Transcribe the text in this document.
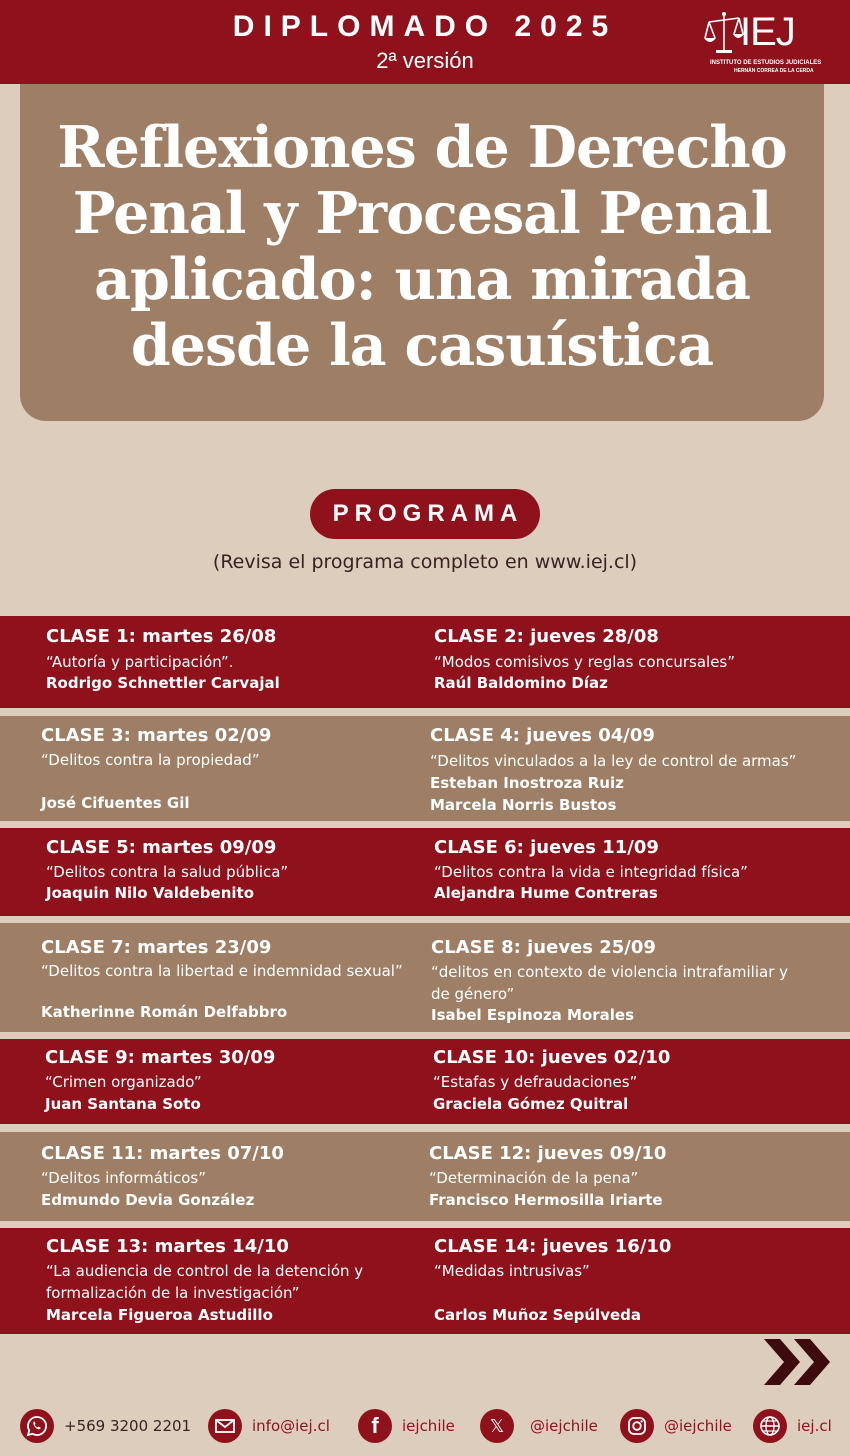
DIPLOMADO 2025
2ª versión
IEJ
INSTITUTO DE ESTUDIOS JUDICIALES
HERNÁN CORREA DE LA CERDA
Reflexiones de Derecho
Penal y Procesal Penal
aplicado: una mirada
desde la casuística
PROGRAMA
(Revisa el programa completo en www.iej.cl)
CLASE 1: martes 26/08
“Autoría y participación”.
Rodrigo Schnettler Carvajal
CLASE 2: jueves 28/08
“Modos comisivos y reglas concursales”
Raúl Baldomino Díaz
CLASE 3: martes 02/09
“Delitos contra la propiedad”
José Cifuentes Gil
CLASE 4: jueves 04/09
“Delitos vinculados a la ley de control de armas”
Esteban Inostroza Ruiz
Marcela Norris Bustos
CLASE 5: martes 09/09
“Delitos contra la salud pública”
Joaquin Nilo Valdebenito
CLASE 6: jueves 11/09
“Delitos contra la vida e integridad física”
Alejandra Hume Contreras
CLASE 7: martes 23/09
“Delitos contra la libertad e indemnidad sexual”
Katherinne Román Delfabbro
CLASE 8: jueves 25/09
“delitos en contexto de violencia intrafamiliar y de género”
Isabel Espinoza Morales
CLASE 9: martes 30/09
“Crimen organizado”
Juan Santana Soto
CLASE 10: jueves 02/10
“Estafas y defraudaciones”
Graciela Gómez Quitral
CLASE 11: martes 07/10
“Delitos informáticos”
Edmundo Devia González
CLASE 12: jueves 09/10
“Determinación de la pena”
Francisco Hermosilla Iriarte
CLASE 13: martes 14/10
“La audiencia de control de la detención y formalización de la investigación”
Marcela Figueroa Astudillo
CLASE 14: jueves 16/10
“Medidas intrusivas”
Carlos Muñoz Sepúlveda
+569 3200 2201	info@iej.cl	f	iejchile	𝕏	@iejchile	@iejchile	iej.cl
